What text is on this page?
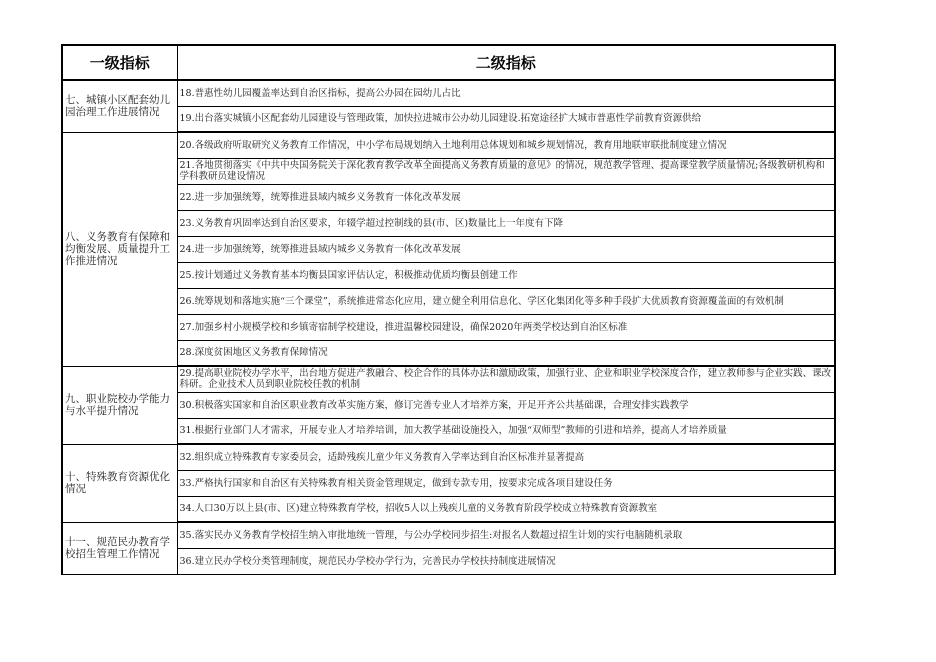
一级指标	二级指标
七、城镇小区配套幼儿园治理工作进展情况	18.普惠性幼儿园覆盖率达到自治区指标，提高公办园在园幼儿占比
	19.出台落实城镇小区配套幼儿园建设与管理政策，加快拉进城市公办幼儿园建设.拓宽途径扩大城市普惠性学前教育资源供给
八、义务教育有保障和均衡发展、质量提升工作推进情况	20.各级政府听取研究义务教育工作情况，中小学布局规划纳入土地利用总体规划和城乡规划情况，教育用地联审联批制度建立情况
	21.各地贯彻落实《中共中央国务院关于深化教育教学改革全面提高义务教育质量的意见》的情况，规范教学管理、提高课堂教学质量情况;各级教研机构和学科教研员建设情况
	22.进一步加强统筹，统筹推进县域内城乡义务教育一体化改革发展
	23.义务教育巩固率达到自治区要求，年辍学超过控制线的县(市、区)数量比上一年度有下降
	24.进一步加强统筹，统筹推进县域内城乡义务教育一体化改革发展
	25.按计划通过义务教育基本均衡县国家评估认定，积极推动优质均衡县创建工作
	26.统筹规划和落地实施“三个课堂”，系统推进常态化应用，建立健全利用信息化、学区化集团化等多种手段扩大优质教育资源覆盖面的有效机制
	27.加强乡村小规模学校和乡镇寄宿制学校建设，推进温馨校园建设，确保2020年两类学校达到自治区标准
	28.深度贫困地区义务教育保障情况
九、职业院校办学能力与水平提升情况	29.提高职业院校办学水平，出台地方促进产教融合、校企合作的具体办法和激励政策，加强行业、企业和职业学校深度合作，建立教师参与企业实践、课改科研。企业技术人员到职业院校任教的机制
	30.积极落实国家和自治区职业教育改革实施方案，修订完善专业人才培养方案，开足开齐公共基础课，合理安排实践教学
	31.根据行业部门人才需求，开展专业人才培养培训，加大教学基础设施投入，加强“双师型”教师的引进和培养，提高人才培养质量
十、特殊教育资源优化情况	32.组织成立特殊教育专家委员会，适龄残疾儿童少年义务教育入学率达到自治区标准并显著提高
	33.严格执行国家和自治区有关特殊教育相关资金管理规定，做到专款专用，按要求完成各项目建设任务
	34.人口30万以上县(市、区)建立特殊教育学校，招收5人以上残疾儿童的义务教育阶段学校成立特殊教育资源教室
十一、规范民办教育学校招生管理工作情况	35.落实民办义务教育学校招生纳入审批地统一管理，与公办学校同步招生:对报名人数超过招生计划的实行电脑随机录取
	36.建立民办学校分类管理制度，规范民办学校办学行为，完善民办学校扶持制度进展情况
